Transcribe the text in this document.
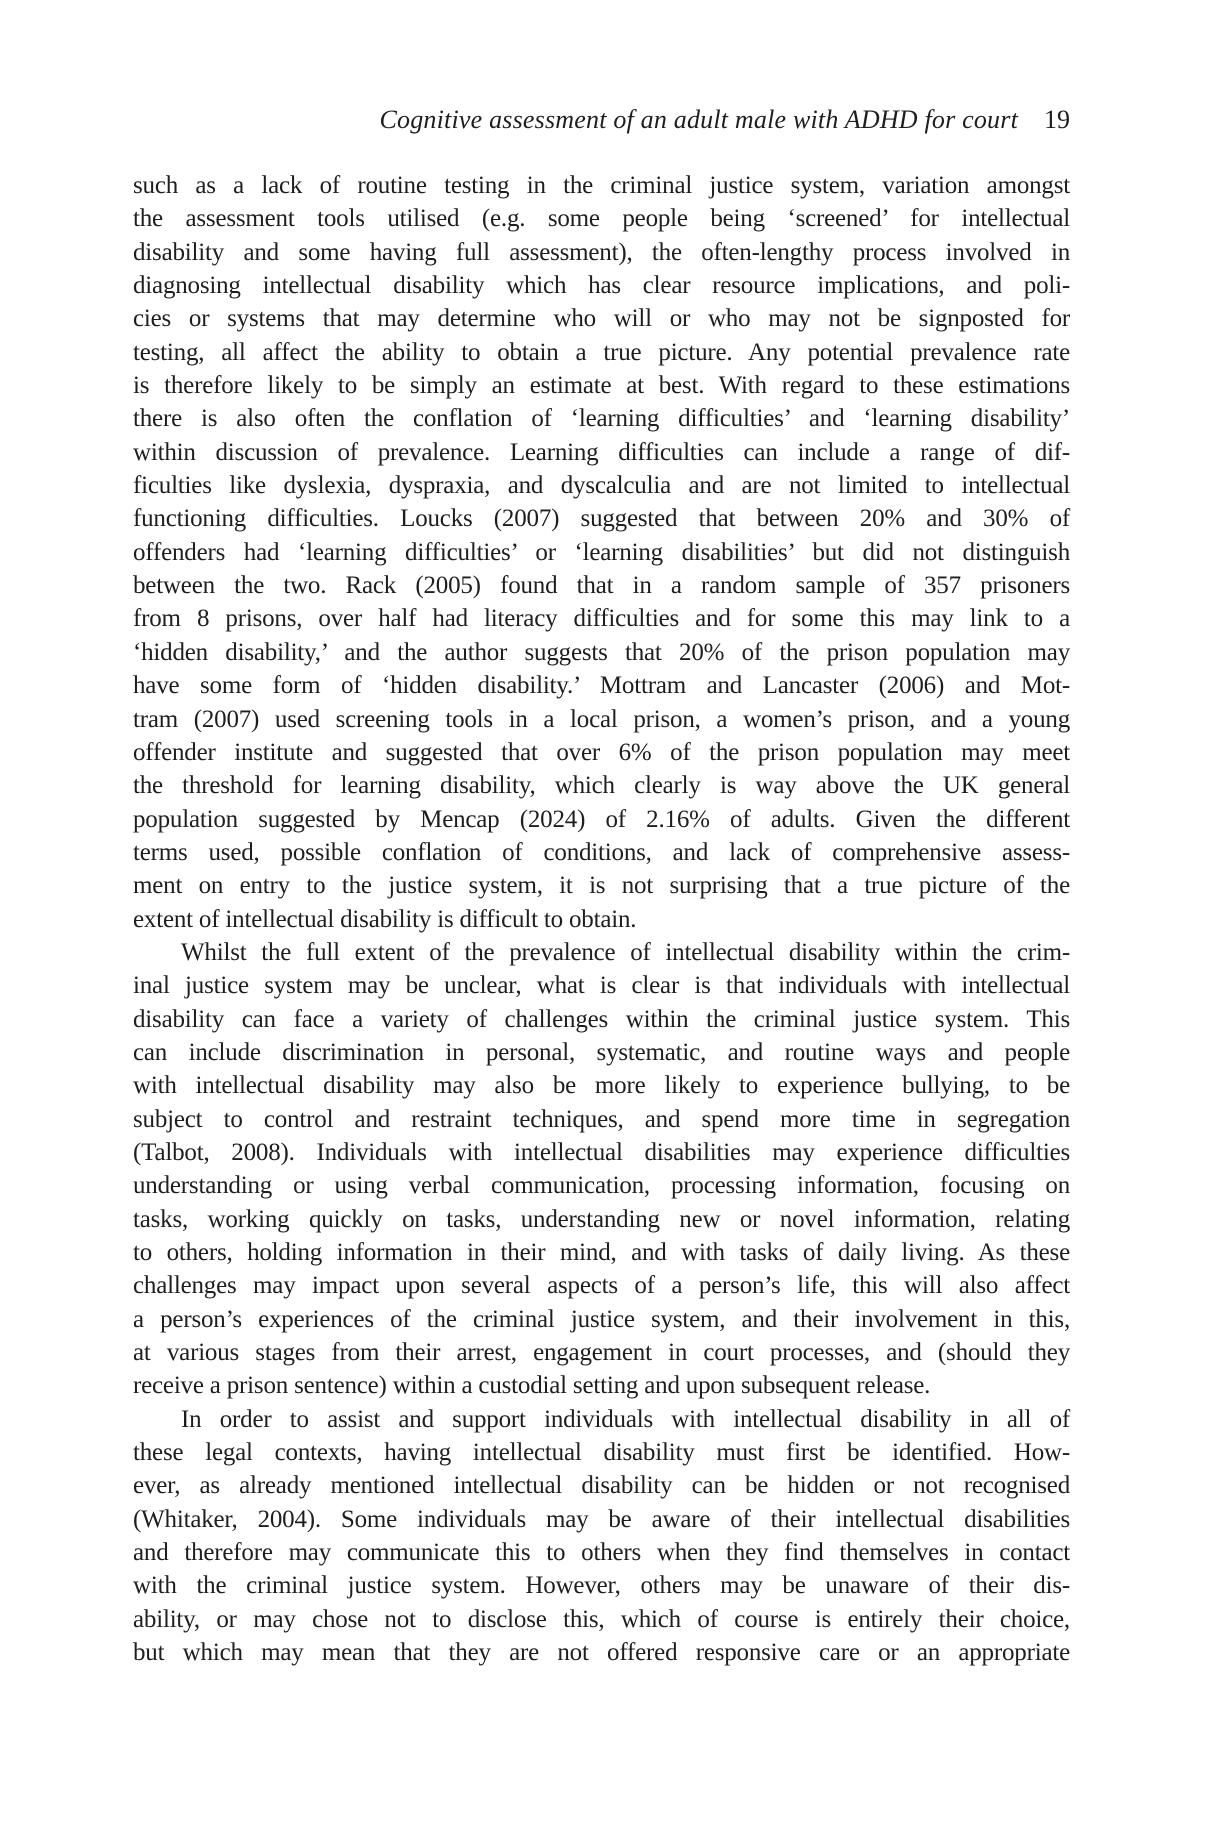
Cognitive assessment of an adult male with ADHD for court 19
such as a lack of routine testing in the criminal justice system, variation amongst
the assessment tools utilised (e.g. some people being ‘screened’ for intellectual
disability and some having full assessment), the often-lengthy process involved in
diagnosing intellectual disability which has clear resource implications, and poli-
cies or systems that may determine who will or who may not be signposted for
testing, all affect the ability to obtain a true picture. Any potential prevalence rate
is therefore likely to be simply an estimate at best. With regard to these estimations
there is also often the conflation of ‘learning difficulties’ and ‘learning disability’
within discussion of prevalence. Learning difficulties can include a range of dif-
ficulties like dyslexia, dyspraxia, and dyscalculia and are not limited to intellectual
functioning difficulties. Loucks (2007) suggested that between 20% and 30% of
offenders had ‘learning difficulties’ or ‘learning disabilities’ but did not distinguish
between the two. Rack (2005) found that in a random sample of 357 prisoners
from 8 prisons, over half had literacy difficulties and for some this may link to a
‘hidden disability,’ and the author suggests that 20% of the prison population may
have some form of ‘hidden disability.’ Mottram and Lancaster (2006) and Mot-
tram (2007) used screening tools in a local prison, a women’s prison, and a young
offender institute and suggested that over 6% of the prison population may meet
the threshold for learning disability, which clearly is way above the UK general
population suggested by Mencap (2024) of 2.16% of adults. Given the different
terms used, possible conflation of conditions, and lack of comprehensive assess-
ment on entry to the justice system, it is not surprising that a true picture of the
extent of intellectual disability is difficult to obtain.
Whilst the full extent of the prevalence of intellectual disability within the crim-
inal justice system may be unclear, what is clear is that individuals with intellectual
disability can face a variety of challenges within the criminal justice system. This
can include discrimination in personal, systematic, and routine ways and people
with intellectual disability may also be more likely to experience bullying, to be
subject to control and restraint techniques, and spend more time in segregation
(Talbot, 2008). Individuals with intellectual disabilities may experience difficulties
understanding or using verbal communication, processing information, focusing on
tasks, working quickly on tasks, understanding new or novel information, relating
to others, holding information in their mind, and with tasks of daily living. As these
challenges may impact upon several aspects of a person’s life, this will also affect
a person’s experiences of the criminal justice system, and their involvement in this,
at various stages from their arrest, engagement in court processes, and (should they
receive a prison sentence) within a custodial setting and upon subsequent release.
In order to assist and support individuals with intellectual disability in all of
these legal contexts, having intellectual disability must first be identified. How-
ever, as already mentioned intellectual disability can be hidden or not recognised
(Whitaker, 2004). Some individuals may be aware of their intellectual disabilities
and therefore may communicate this to others when they find themselves in contact
with the criminal justice system. However, others may be unaware of their dis-
ability, or may chose not to disclose this, which of course is entirely their choice,
but which may mean that they are not offered responsive care or an appropriate
